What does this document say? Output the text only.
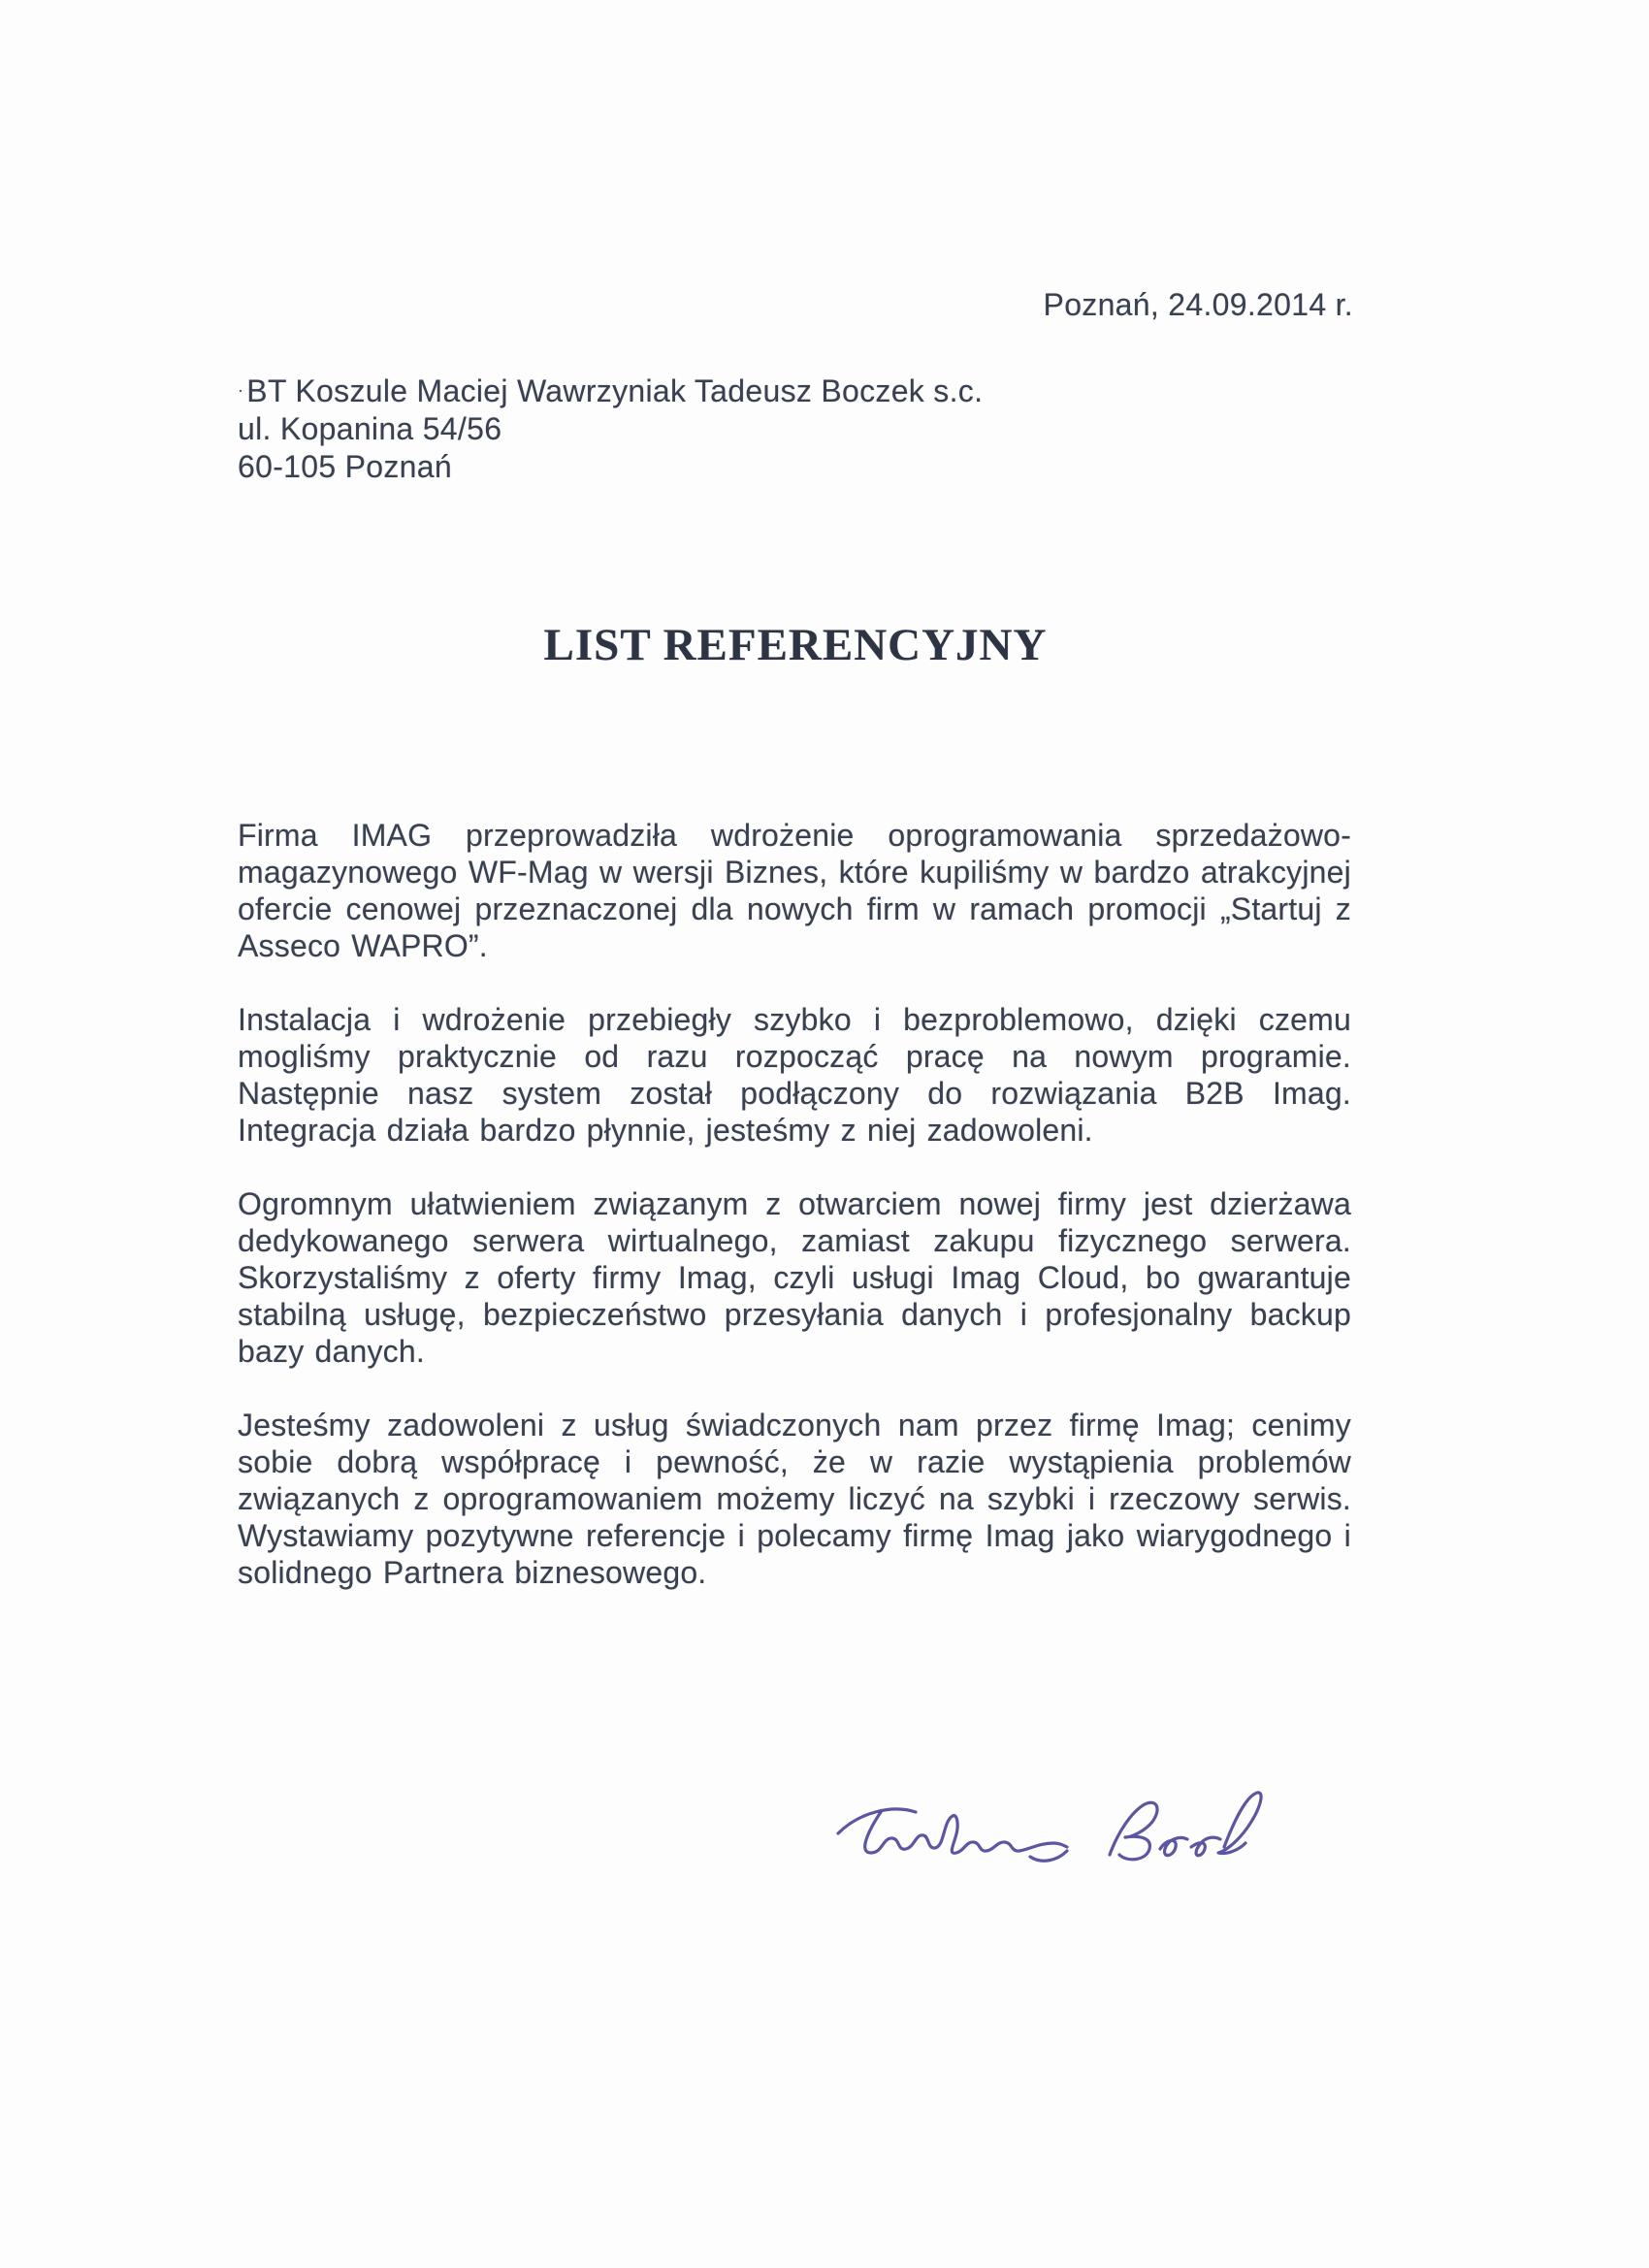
Poznań, 24.09.2014 r.
·BT Koszule Maciej Wawrzyniak Tadeusz Boczek s.c.
ul. Kopanina 54/56
60-105 Poznań
LIST REFERENCYJNY

Firma IMAG przeprowadziła wdrożenie oprogramowania sprzedażowo-magazynowego WF-Mag w wersji Biznes, które kupiliśmy w bardzo atrakcyjnej ofercie cenowej przeznaczonej dla nowych firm w ramach promocji „Startuj z Asseco WAPRO”.

Instalacja i wdrożenie przebiegły szybko i bezproblemowo, dzięki czemu mogliśmy praktycznie od razu rozpocząć pracę na nowym programie. Następnie nasz system został podłączony do rozwiązania B2B Imag. Integracja działa bardzo płynnie, jesteśmy z niej zadowoleni.

Ogromnym ułatwieniem związanym z otwarciem nowej firmy jest dzierżawa dedykowanego serwera wirtualnego, zamiast zakupu fizycznego serwera. Skorzystaliśmy z oferty firmy Imag, czyli usługi Imag Cloud, bo gwarantuje stabilną usługę, bezpieczeństwo przesyłania danych i profesjonalny backup bazy danych.

Jesteśmy zadowoleni z usług świadczonych nam przez firmę Imag; cenimy sobie dobrą współpracę i pewność, że w razie wystąpienia problemów związanych z oprogramowaniem możemy liczyć na szybki i rzeczowy serwis. Wystawiamy pozytywne referencje i polecamy firmę Imag jako wiarygodnego i solidnego Partnera biznesowego.
